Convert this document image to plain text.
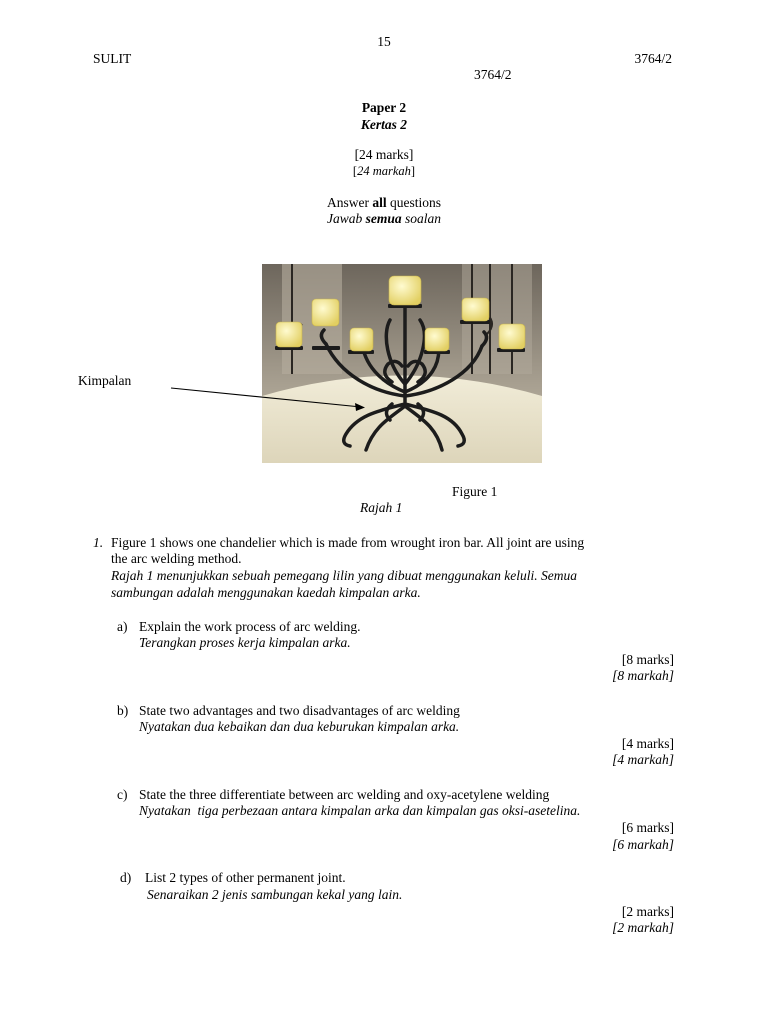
15
SULIT	3764/2
3764/2
Paper 2
Kertas 2
[24 marks]
[24 markah]
Answer all questions
Jawab semua soalan
Kimpalan
Figure 1
Rajah 1
1. Figure 1 shows one chandelier which is made from wrought iron bar. All joint are using
the arc welding method.
Rajah 1 menunjukkan sebuah pemegang lilin yang dibuat menggunakan keluli. Semua
sambungan adalah menggunakan kaedah kimpalan arka.
a) Explain the work process of arc welding.
Terangkan proses kerja kimpalan arka.
[8 marks]
[8 markah]
b) State two advantages and two disadvantages of arc welding
Nyatakan dua kebaikan dan dua keburukan kimpalan arka.
[4 marks]
[4 markah]
c) State the three differentiate between arc welding and oxy-acetylene welding
Nyatakan  tiga perbezaan antara kimpalan arka dan kimpalan gas oksi-asetelina.
[6 marks]
[6 markah]
d) List 2 types of other permanent joint.
Senaraikan 2 jenis sambungan kekal yang lain.
[2 marks]
[2 markah]
